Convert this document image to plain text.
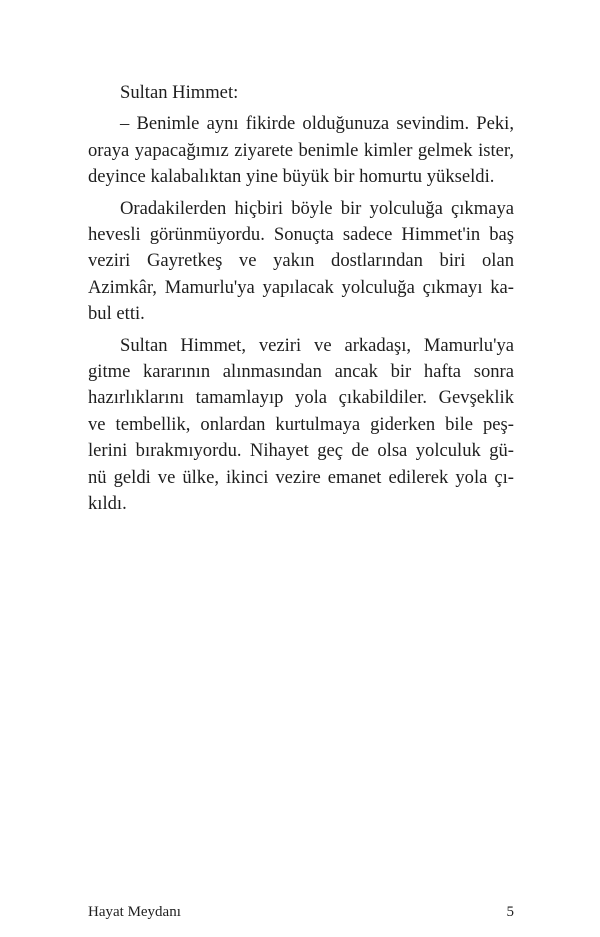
Sultan Himmet:

– Benimle aynı fikirde olduğunuza sevindim. Peki,
oraya yapacağımız ziyarete benimle kimler gelmek ister,
deyince kalabalıktan yine büyük bir homurtu yükseldi.

Oradakilerden hiçbiri böyle bir yolculuğa çıkmaya
hevesli görünmüyordu. Sonuçta sadece Himmet'in baş
veziri Gayretkeş ve yakın dostlarından biri olan
Azimkâr, Mamurlu'ya yapılacak yolculuğa çıkmayı ka-
bul etti.

Sultan Himmet, veziri ve arkadaşı, Mamurlu'ya
gitme kararının alınmasından ancak bir hafta sonra
hazırlıklarını tamamlayıp yola çıkabildiler. Gevşeklik
ve tembellik, onlardan kurtulmaya giderken bile peş-
lerini bırakmıyordu. Nihayet geç de olsa yolculuk gü-
nü geldi ve ülke, ikinci vezire emanet edilerek yola çı-
kıldı.

Hayat Meydanı	5
